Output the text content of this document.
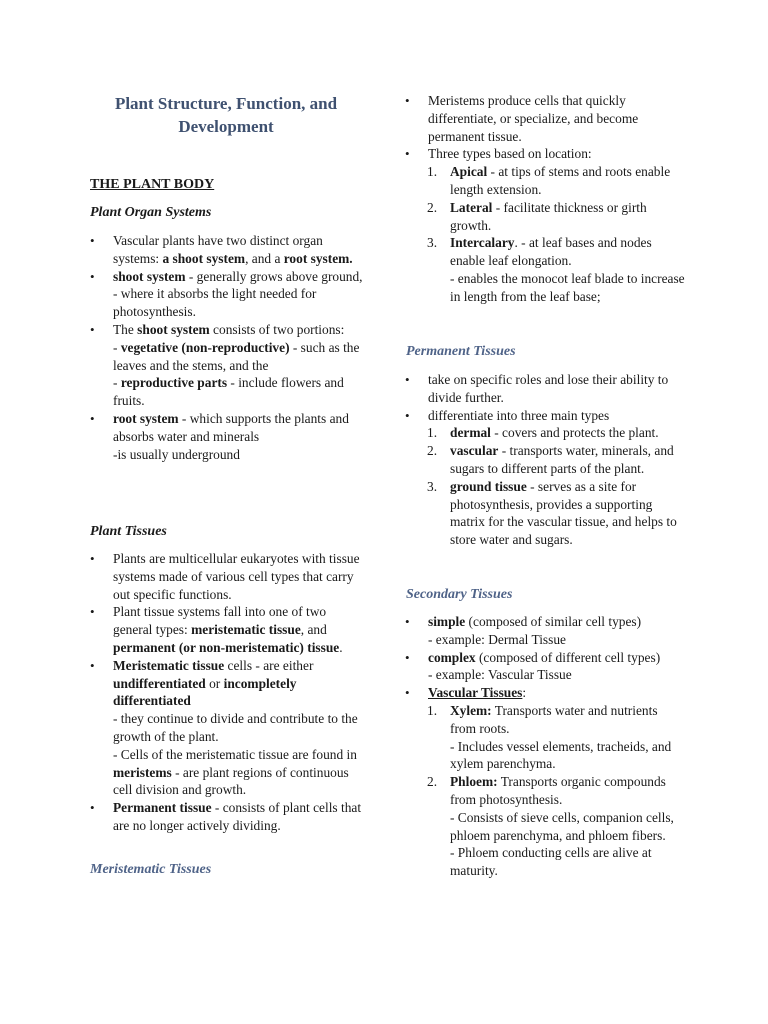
Plant Structure, Function, and Development
THE PLANT BODY
Plant Organ Systems
•	Vascular plants have two distinct organ systems: a shoot system, and a root system.
•	shoot system - generally grows above ground,
- where it absorbs the light needed for photosynthesis.
•	The shoot system consists of two portions:
- vegetative (non-reproductive) - such as the leaves and the stems, and the
- reproductive parts - include flowers and fruits.
•	root system - which supports the plants and absorbs water and minerals
-is usually underground
Plant Tissues
•	Plants are multicellular eukaryotes with tissue systems made of various cell types that carry out specific functions.
•	Plant tissue systems fall into one of two general types: meristematic tissue, and permanent (or non-meristematic) tissue.
•	Meristematic tissue cells - are either undifferentiated or incompletely differentiated
- they continue to divide and contribute to the growth of the plant.
- Cells of the meristematic tissue are found in meristems - are plant regions of continuous cell division and growth.
•	Permanent tissue - consists of plant cells that are no longer actively dividing.
Meristematic Tissues
•	Meristems produce cells that quickly differentiate, or specialize, and become permanent tissue.
•	Three types based on location:
1. Apical - at tips of stems and roots enable length extension.
2. Lateral - facilitate thickness or girth growth.
3. Intercalary. - at leaf bases and nodes enable leaf elongation.
- enables the monocot leaf blade to increase in length from the leaf base;
Permanent Tissues
•	take on specific roles and lose their ability to divide further.
•	differentiate into three main types
1. dermal - covers and protects the plant.
2. vascular - transports water, minerals, and sugars to different parts of the plant.
3. ground tissue - serves as a site for photosynthesis, provides a supporting matrix for the vascular tissue, and helps to store water and sugars.
Secondary Tissues
•	simple (composed of similar cell types)
- example: Dermal Tissue
•	complex (composed of different cell types)
- example: Vascular Tissue
•	Vascular Tissues:
1. Xylem: Transports water and nutrients from roots.
- Includes vessel elements, tracheids, and xylem parenchyma.
2. Phloem: Transports organic compounds from photosynthesis.
- Consists of sieve cells, companion cells, phloem parenchyma, and phloem fibers.
- Phloem conducting cells are alive at maturity.
